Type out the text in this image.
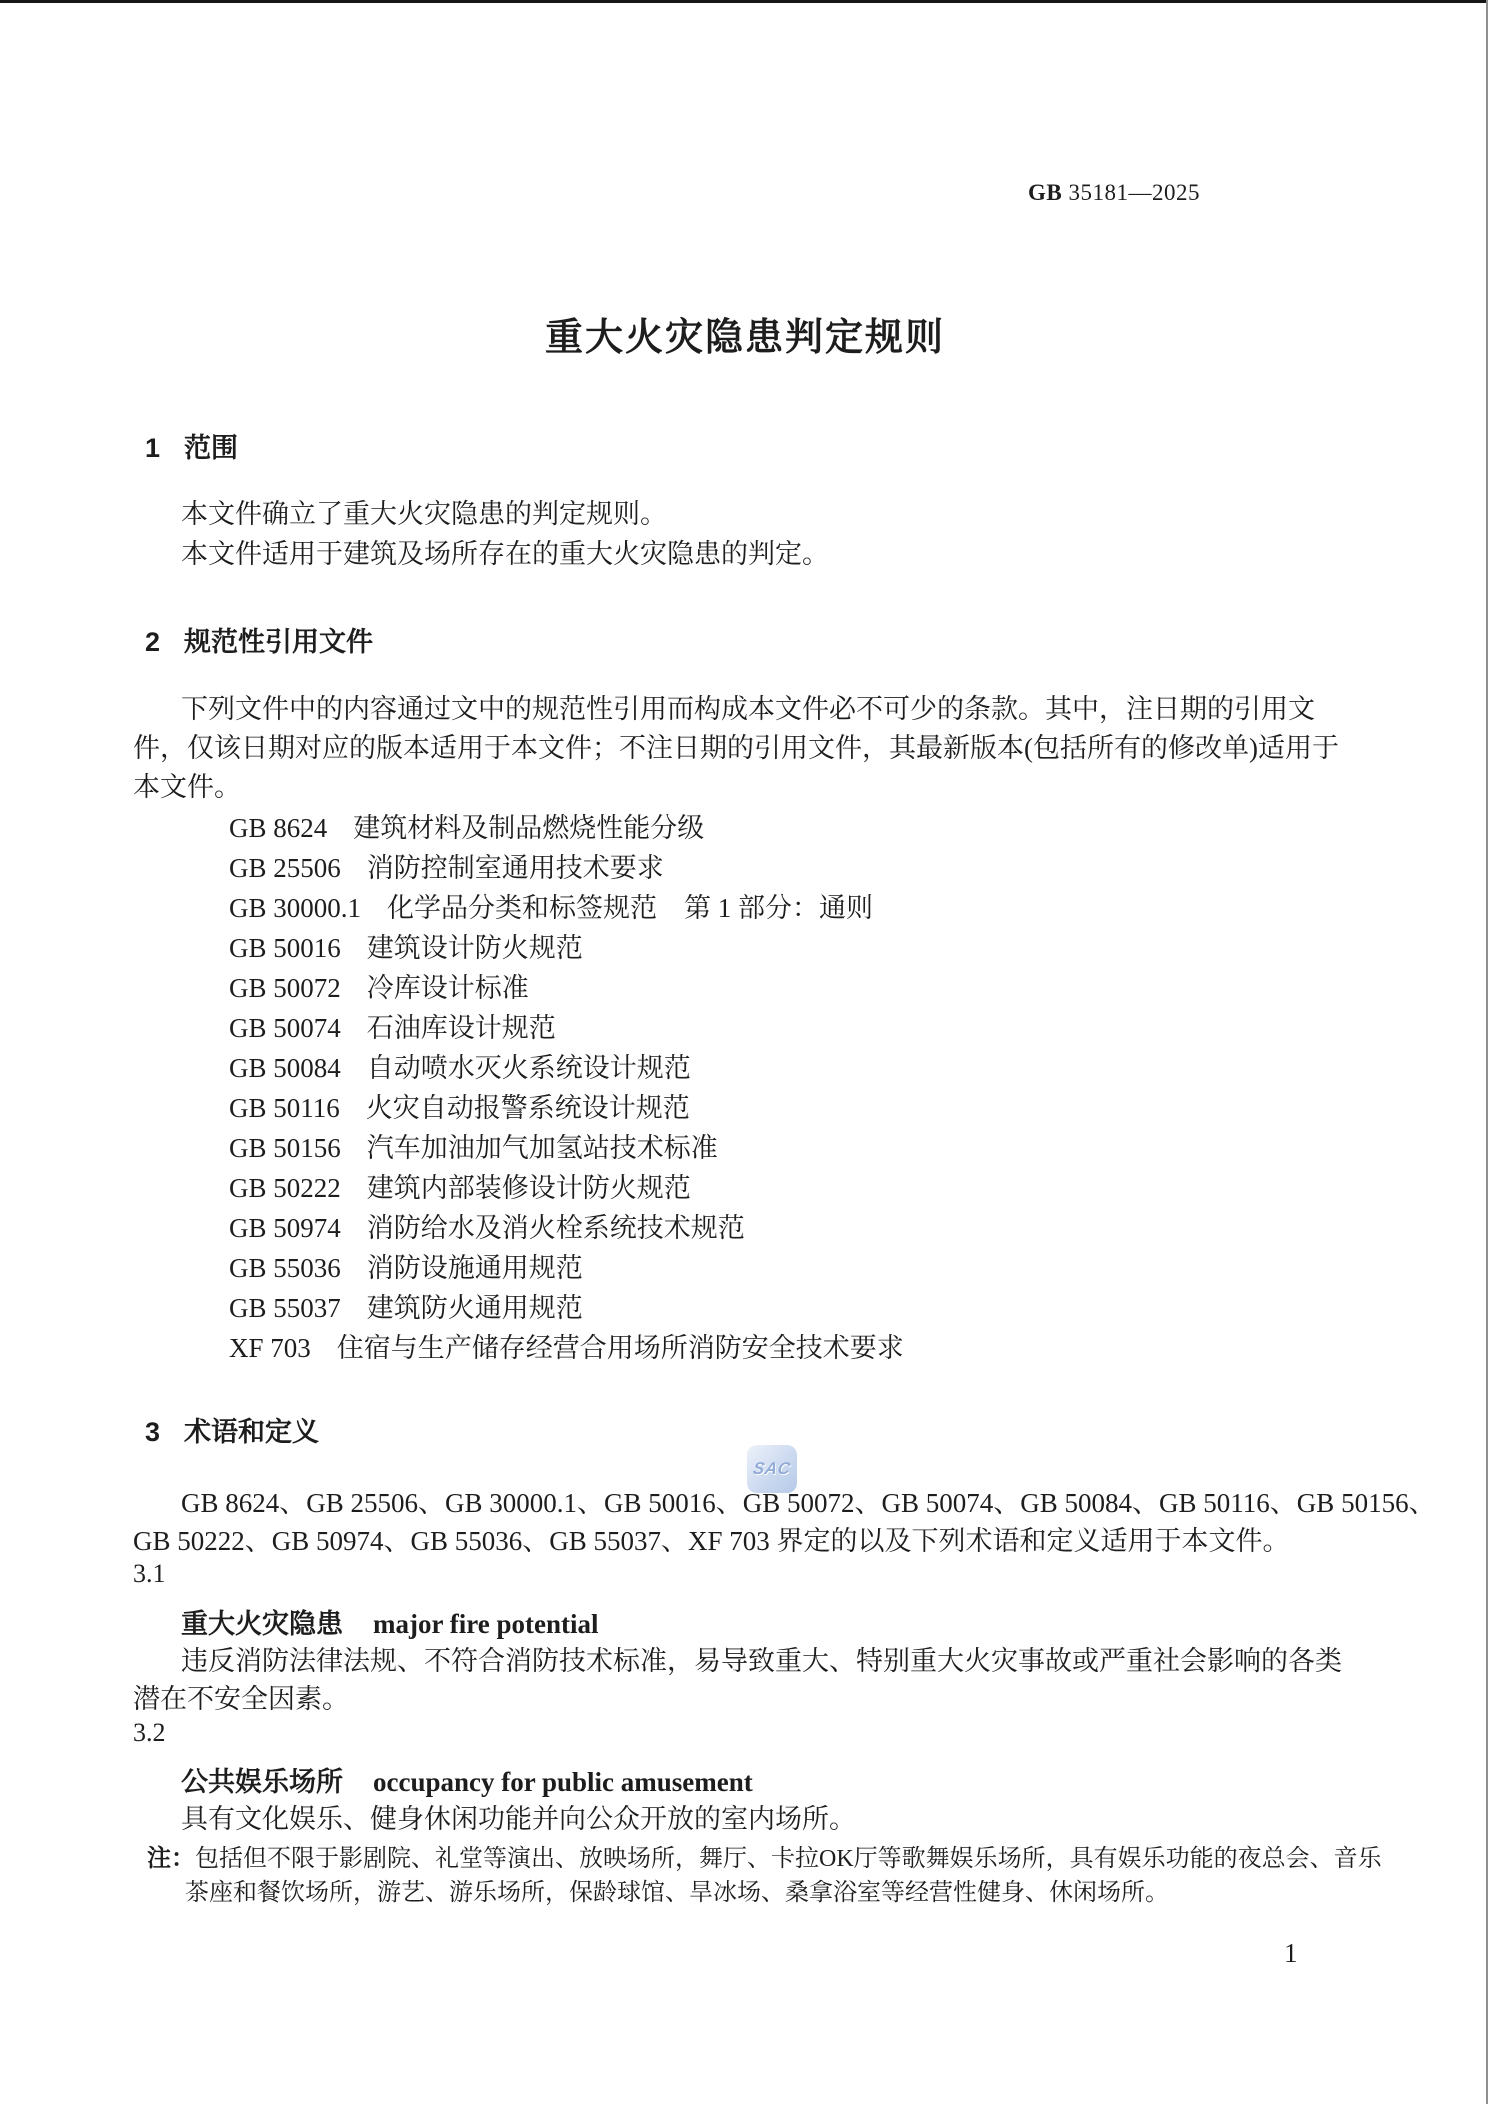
GB 35181—2025
重大火灾隐患判定规则
1 范围
本文件确立了重大火灾隐患的判定规则。
本文件适用于建筑及场所存在的重大火灾隐患的判定。
2 规范性引用文件
下列文件中的内容通过文中的规范性引用而构成本文件必不可少的条款。其中，注日期的引用文
件，仅该日期对应的版本适用于本文件；不注日期的引用文件，其最新版本(包括所有的修改单)适用于
本文件。
GB 8624 建筑材料及制品燃烧性能分级
GB 25506 消防控制室通用技术要求
GB 30000.1 化学品分类和标签规范　第 1 部分：通则
GB 50016 建筑设计防火规范
GB 50072 冷库设计标准
GB 50074 石油库设计规范
GB 50084 自动喷水灭火系统设计规范
GB 50116 火灾自动报警系统设计规范
GB 50156 汽车加油加气加氢站技术标准
GB 50222 建筑内部装修设计防火规范
GB 50974 消防给水及消火栓系统技术规范
GB 55036 消防设施通用规范
GB 55037 建筑防火通用规范
XF 703 住宿与生产储存经营合用场所消防安全技术要求
3 术语和定义
SAC
GB 8624、GB 25506、GB 30000.1、GB 50016、GB 50072、GB 50074、GB 50084、GB 50116、GB 50156、
GB 50222、GB 50974、GB 55036、GB 55037、XF 703 界定的以及下列术语和定义适用于本文件。
3.1
重大火灾隐患 major fire potential
违反消防法律法规、不符合消防技术标准，易导致重大、特别重大火灾事故或严重社会影响的各类
潜在不安全因素。
3.2
公共娱乐场所 occupancy for public amusement
具有文化娱乐、健身休闲功能并向公众开放的室内场所。
注：包括但不限于影剧院、礼堂等演出、放映场所，舞厅、卡拉OK厅等歌舞娱乐场所，具有娱乐功能的夜总会、音乐
茶座和餐饮场所，游艺、游乐场所，保龄球馆、旱冰场、桑拿浴室等经营性健身、休闲场所。
1
